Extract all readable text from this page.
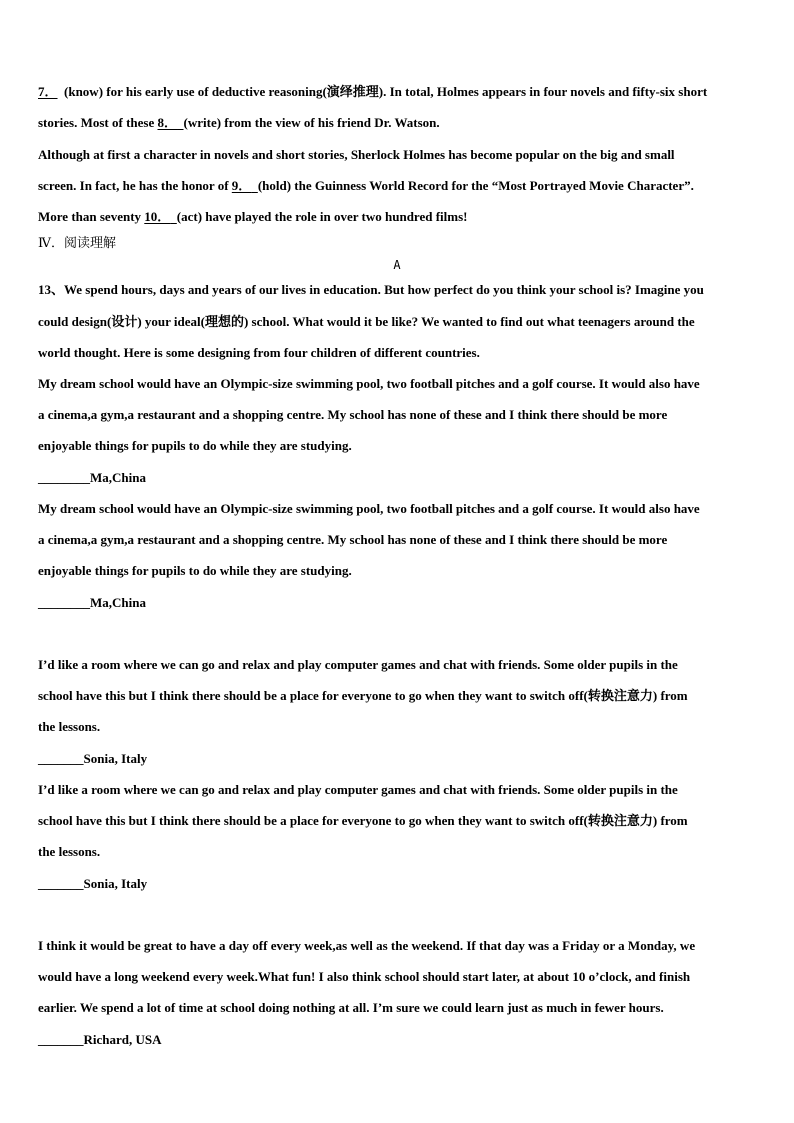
7． (know) for his early use of deductive reasoning(演绎推理). In total, Holmes appears in four novels and fifty-six short
stories. Most of these 8． (write) from the view of his friend Dr. Watson.
Although at first a character in novels and short stories, Sherlock Holmes has become popular on the big and small
screen. In fact, he has the honor of 9． (hold) the Guinness World Record for the “Most Portrayed Movie Character”.
More than seventy 10． (act) have played the role in over two hundred films!
Ⅳ．阅读理解
A
13、We spend hours, days and years of our lives in education. But how perfect do you think your school is? Imagine you
could design(设计) your ideal(理想的) school. What would it be like? We wanted to find out what teenagers around the
world thought. Here is some designing from four children of different countries.
My dream school would have an Olympic-size swimming pool, two football pitches and a golf course. It would also have
a cinema,a gym,a restaurant and a shopping centre. My school has none of these and I think there should be more
enjoyable things for pupils to do while they are studying.
________Ma,China
My dream school would have an Olympic-size swimming pool, two football pitches and a golf course. It would also have
a cinema,a gym,a restaurant and a shopping centre. My school has none of these and I think there should be more
enjoyable things for pupils to do while they are studying.
________Ma,China
I’d like a room where we can go and relax and play computer games and chat with friends. Some older pupils in the
school have this but I think there should be a place for everyone to go when they want to switch off(转换注意力) from
the lessons.
_______Sonia, Italy
I’d like a room where we can go and relax and play computer games and chat with friends. Some older pupils in the
school have this but I think there should be a place for everyone to go when they want to switch off(转换注意力) from
the lessons.
_______Sonia, Italy
I think it would be great to have a day off every week,as well as the weekend. If that day was a Friday or a Monday, we
would have a long weekend every week.What fun! I also think school should start later, at about 10 o’clock, and finish
earlier. We spend a lot of time at school doing nothing at all. I’m sure we could learn just as much in fewer hours.
_______Richard, USA
